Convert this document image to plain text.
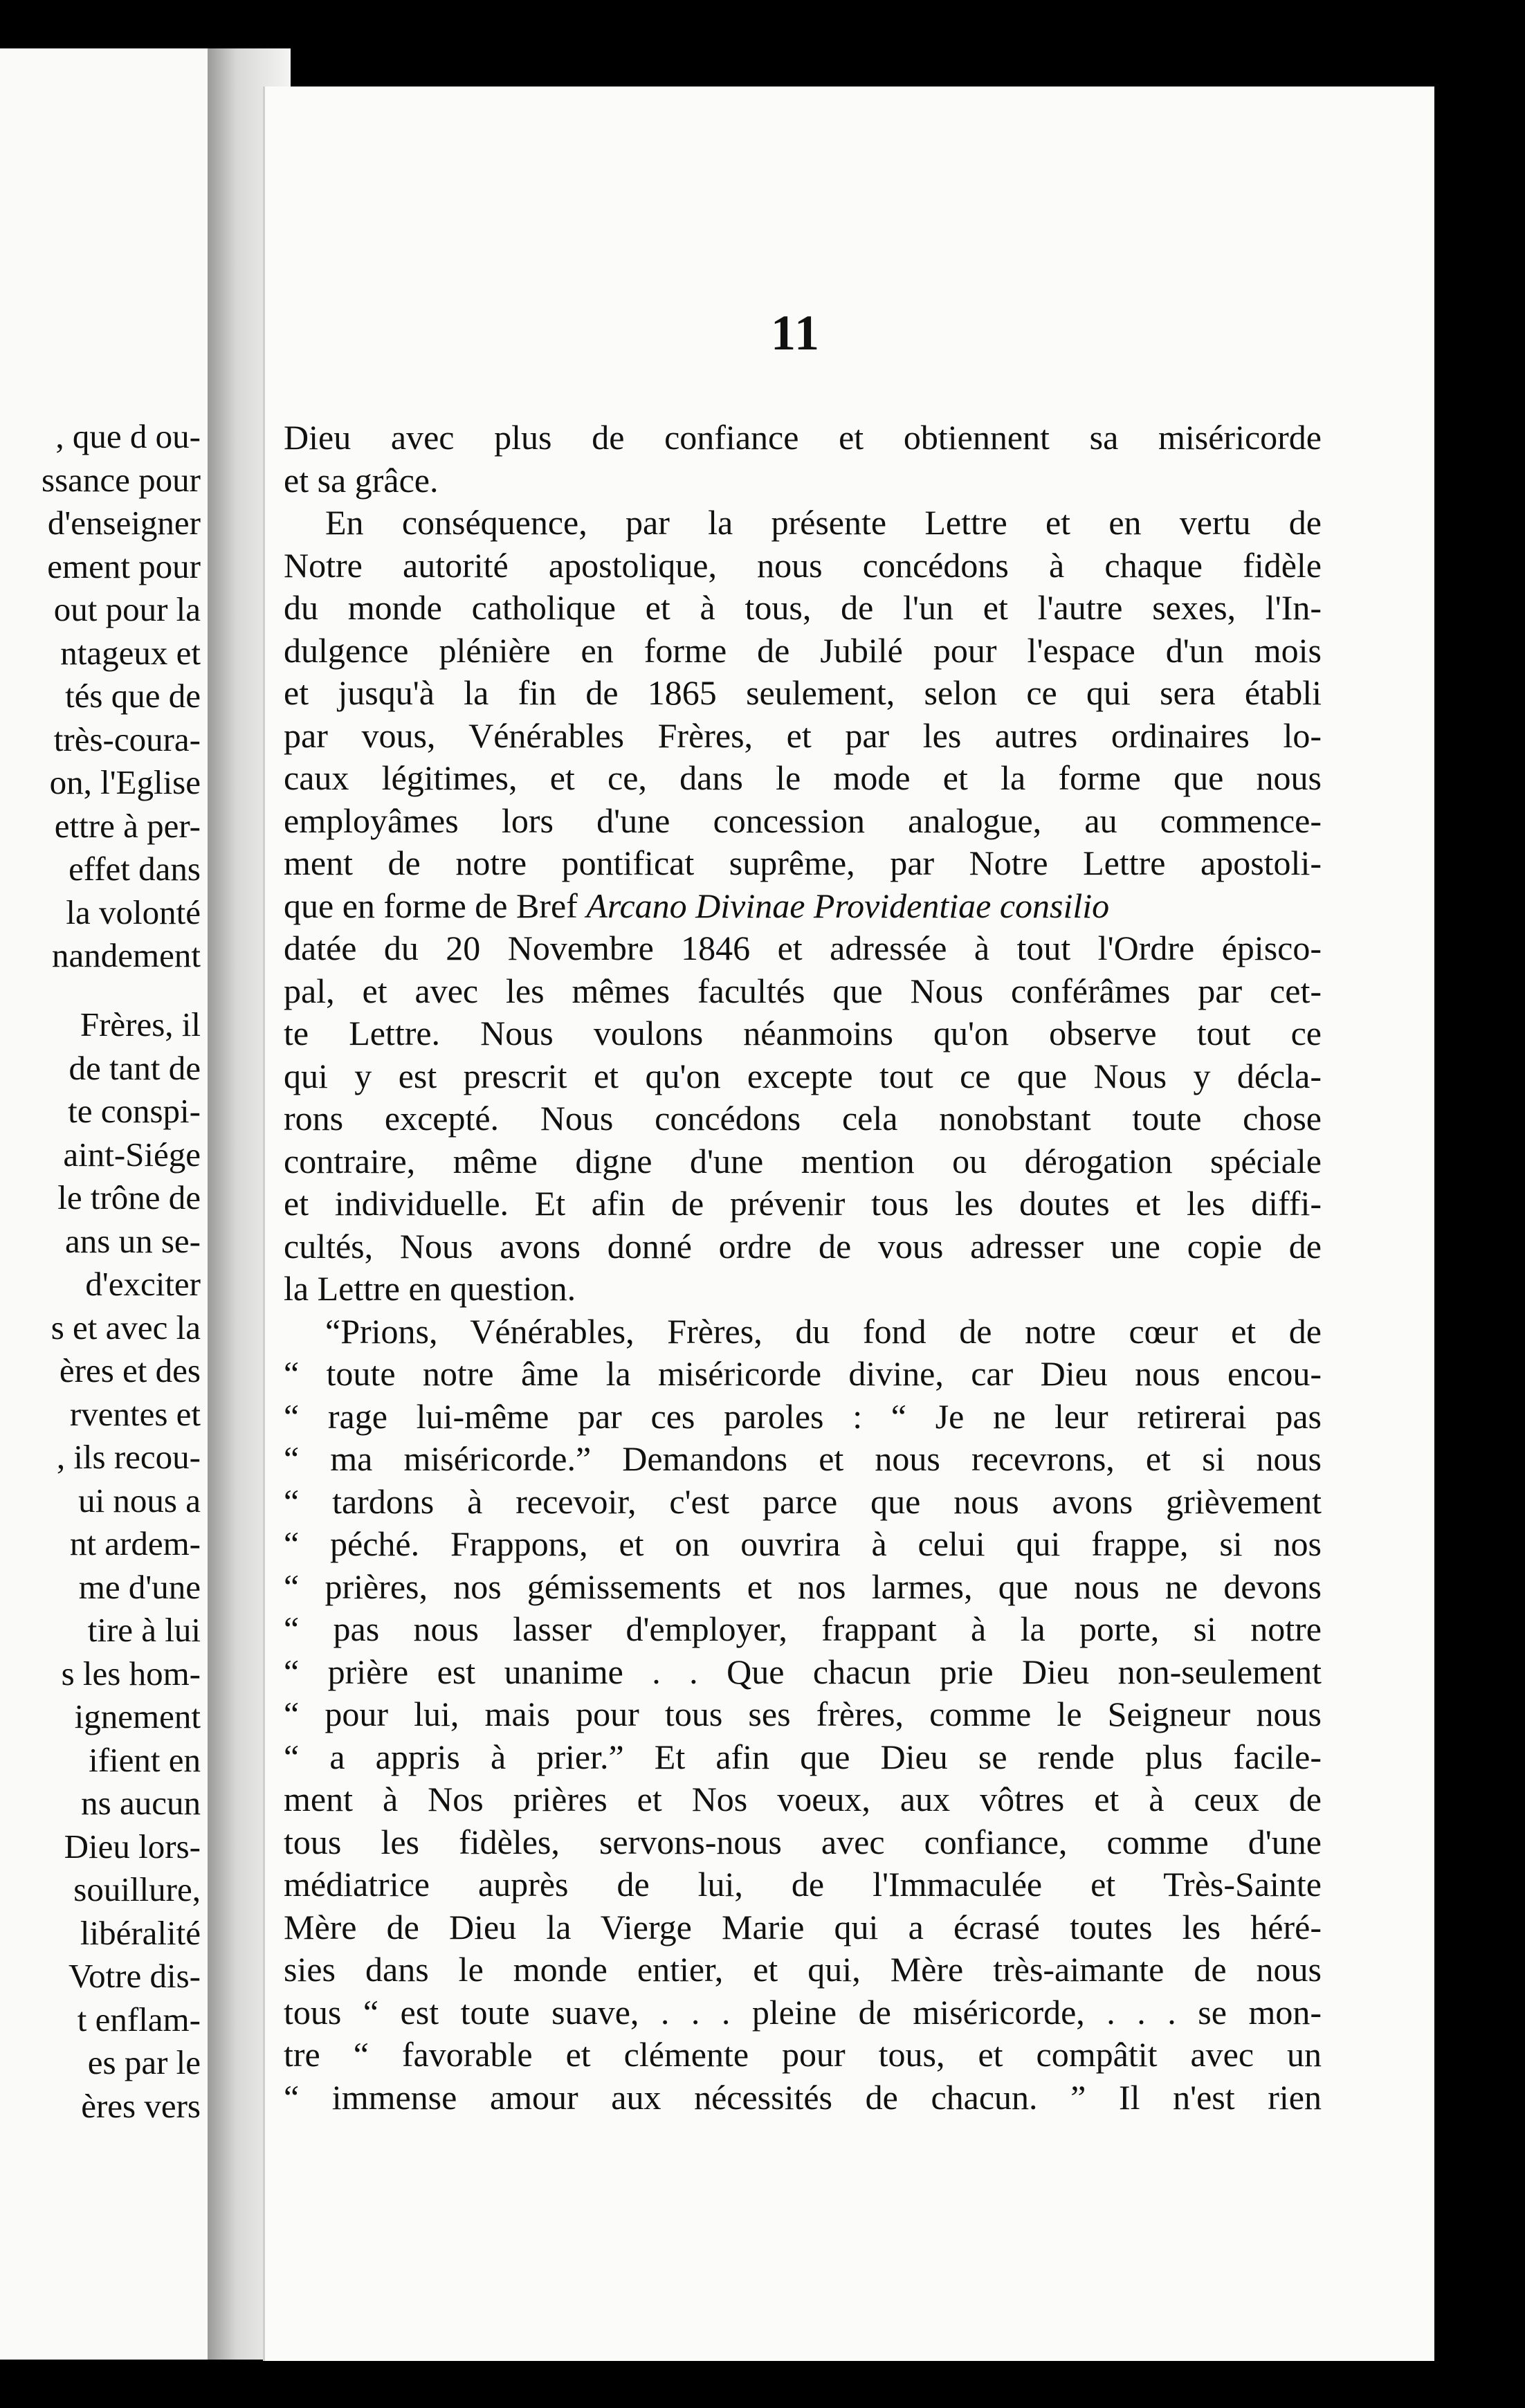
, que d ou-
ssance pour
d'enseigner
ement pour
out pour la
ntageux et
tés que de
très-coura-
on, l'Eglise
ettre à per-
effet dans
la volonté
nandement
Frères, il
de tant de
te conspi-
aint-Siége
le trône de
ans un se-
d'exciter
s et avec la
ères et des
rventes et
, ils recou-
ui nous a
nt ardem-
me d'une
tire à lui
s les hom-
ignement
ifient en
ns aucun
Dieu lors-
souillure,
libéralité
Votre dis-
t enflam-
es par le
ères vers
11
Dieu avec plus de confiance et obtiennent sa miséricorde
et sa grâce.
En conséquence, par la présente Lettre et en vertu de
Notre autorité apostolique, nous concédons à chaque fidèle
du monde catholique et à tous, de l'un et l'autre sexes, l'In-
dulgence plénière en forme de Jubilé pour l'espace d'un mois
et jusqu'à la fin de 1865 seulement, selon ce qui sera établi
par vous, Vénérables Frères, et par les autres ordinaires lo-
caux légitimes, et ce, dans le mode et la forme que nous
employâmes lors d'une concession analogue, au commence-
ment de notre pontificat suprême, par Notre Lettre apostoli-
que en forme de Bref Arcano Divinae Providentiae consilio
datée du 20 Novembre 1846 et adressée à tout l'Ordre épisco-
pal, et avec les mêmes facultés que Nous conférâmes par cet-
te Lettre. Nous voulons néanmoins qu'on observe tout ce
qui y est prescrit et qu'on excepte tout ce que Nous y décla-
rons excepté. Nous concédons cela nonobstant toute chose
contraire, même digne d'une mention ou dérogation spéciale
et individuelle. Et afin de prévenir tous les doutes et les diffi-
cultés, Nous avons donné ordre de vous adresser une copie de
la Lettre en question.
“Prions, Vénérables, Frères, du fond de notre cœur et de
“ toute notre âme la miséricorde divine, car Dieu nous encou-
“ rage lui-même par ces paroles : “ Je ne leur retirerai pas
“ ma miséricorde.” Demandons et nous recevrons, et si nous
“ tardons à recevoir, c'est parce que nous avons grièvement
“ péché. Frappons, et on ouvrira à celui qui frappe, si nos
“ prières, nos gémissements et nos larmes, que nous ne devons
“ pas nous lasser d'employer, frappant à la porte, si notre
“ prière est unanime . . Que chacun prie Dieu non-seulement
“ pour lui, mais pour tous ses frères, comme le Seigneur nous
“ a appris à prier.” Et afin que Dieu se rende plus facile-
ment à Nos prières et Nos voeux, aux vôtres et à ceux de
tous les fidèles, servons-nous avec confiance, comme d'une
médiatrice auprès de lui, de l'Immaculée et Très-Sainte
Mère de Dieu la Vierge Marie qui a écrasé toutes les héré-
sies dans le monde entier, et qui, Mère très-aimante de nous
tous “ est toute suave, . . . pleine de miséricorde, . . . se mon-
tre “ favorable et clémente pour tous, et compâtit avec un
“ immense amour aux nécessités de chacun. ” Il n'est rien
